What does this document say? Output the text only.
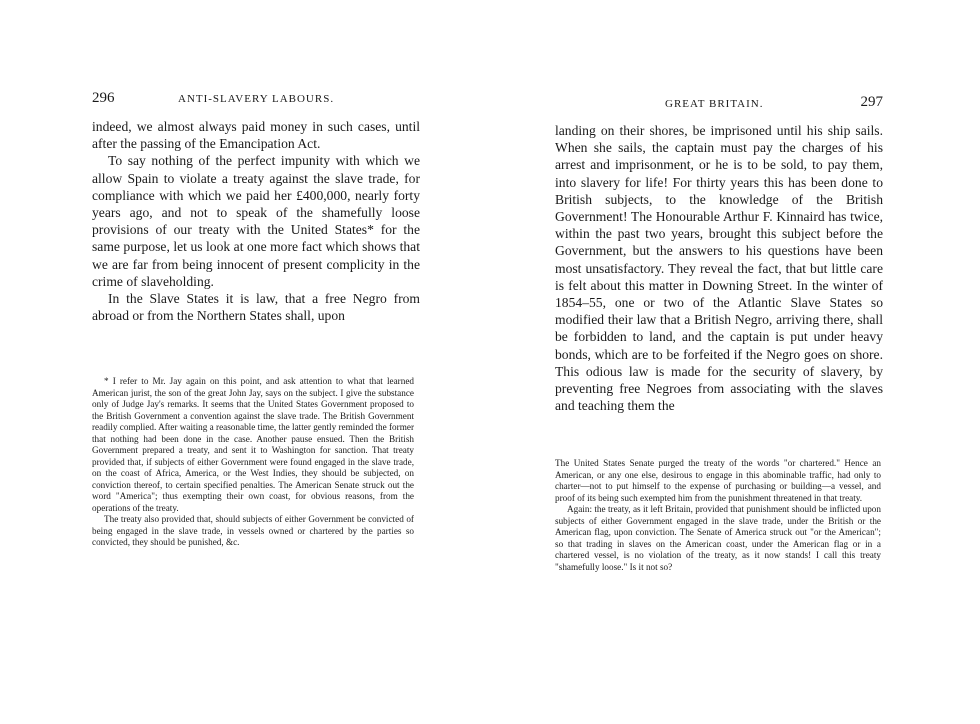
296	ANTI-SLAVERY LABOURS.

indeed, we almost always paid money in such cases, until after the passing of the Emancipation Act.

To say nothing of the perfect impunity with which we allow Spain to violate a treaty against the slave trade, for compliance with which we paid her £400,000, nearly forty years ago, and not to speak of the shamefully loose provisions of our treaty with the United States* for the same purpose, let us look at one more fact which shows that we are far from being innocent of present complicity in the crime of slaveholding.

In the Slave States it is law, that a free Negro from abroad or from the Northern States shall, upon

* I refer to Mr. Jay again on this point, and ask attention to what that learned American jurist, the son of the great John Jay, says on the subject. I give the substance only of Judge Jay's remarks. It seems that the United States Government proposed to the British Government a convention against the slave trade. The British Government readily complied. After waiting a reasonable time, the latter gently reminded the former that nothing had been done in the case. Another pause ensued. Then the British Government prepared a treaty, and sent it to Washington for sanction. That treaty provided that, if subjects of either Government were found engaged in the slave trade, on the coast of Africa, America, or the West Indies, they should be subjected, on conviction thereof, to certain specified penalties. The American Senate struck out the word "America"; thus exempting their own coast, for obvious reasons, from the operations of the treaty.

The treaty also provided that, should subjects of either Government be convicted of being engaged in the slave trade, in vessels owned or chartered by the parties so convicted, they should be punished, &c.

GREAT BRITAIN.	297

landing on their shores, be imprisoned until his ship sails. When she sails, the captain must pay the charges of his arrest and imprisonment, or he is to be sold, to pay them, into slavery for life! For thirty years this has been done to British subjects, to the knowledge of the British Government! The Honourable Arthur F. Kinnaird has twice, within the past two years, brought this subject before the Government, but the answers to his questions have been most unsatisfactory. They reveal the fact, that but little care is felt about this matter in Downing Street. In the winter of 1854–55, one or two of the Atlantic Slave States so modified their law that a British Negro, arriving there, shall be forbidden to land, and the captain is put under heavy bonds, which are to be forfeited if the Negro goes on shore. This odious law is made for the security of slavery, by preventing free Negroes from associating with the slaves and teaching them the

The United States Senate purged the treaty of the words "or chartered." Hence an American, or any one else, desirous to engage in this abominable traffic, had only to charter—not to put himself to the expense of purchasing or building—a vessel, and proof of its being such exempted him from the punishment threatened in that treaty.

Again: the treaty, as it left Britain, provided that punishment should be inflicted upon subjects of either Government engaged in the slave trade, under the British or the American flag, upon conviction. The Senate of America struck out "or the American"; so that trading in slaves on the American coast, under the American flag or in a chartered vessel, is no violation of the treaty, as it now stands! I call this treaty "shamefully loose." Is it not so?
